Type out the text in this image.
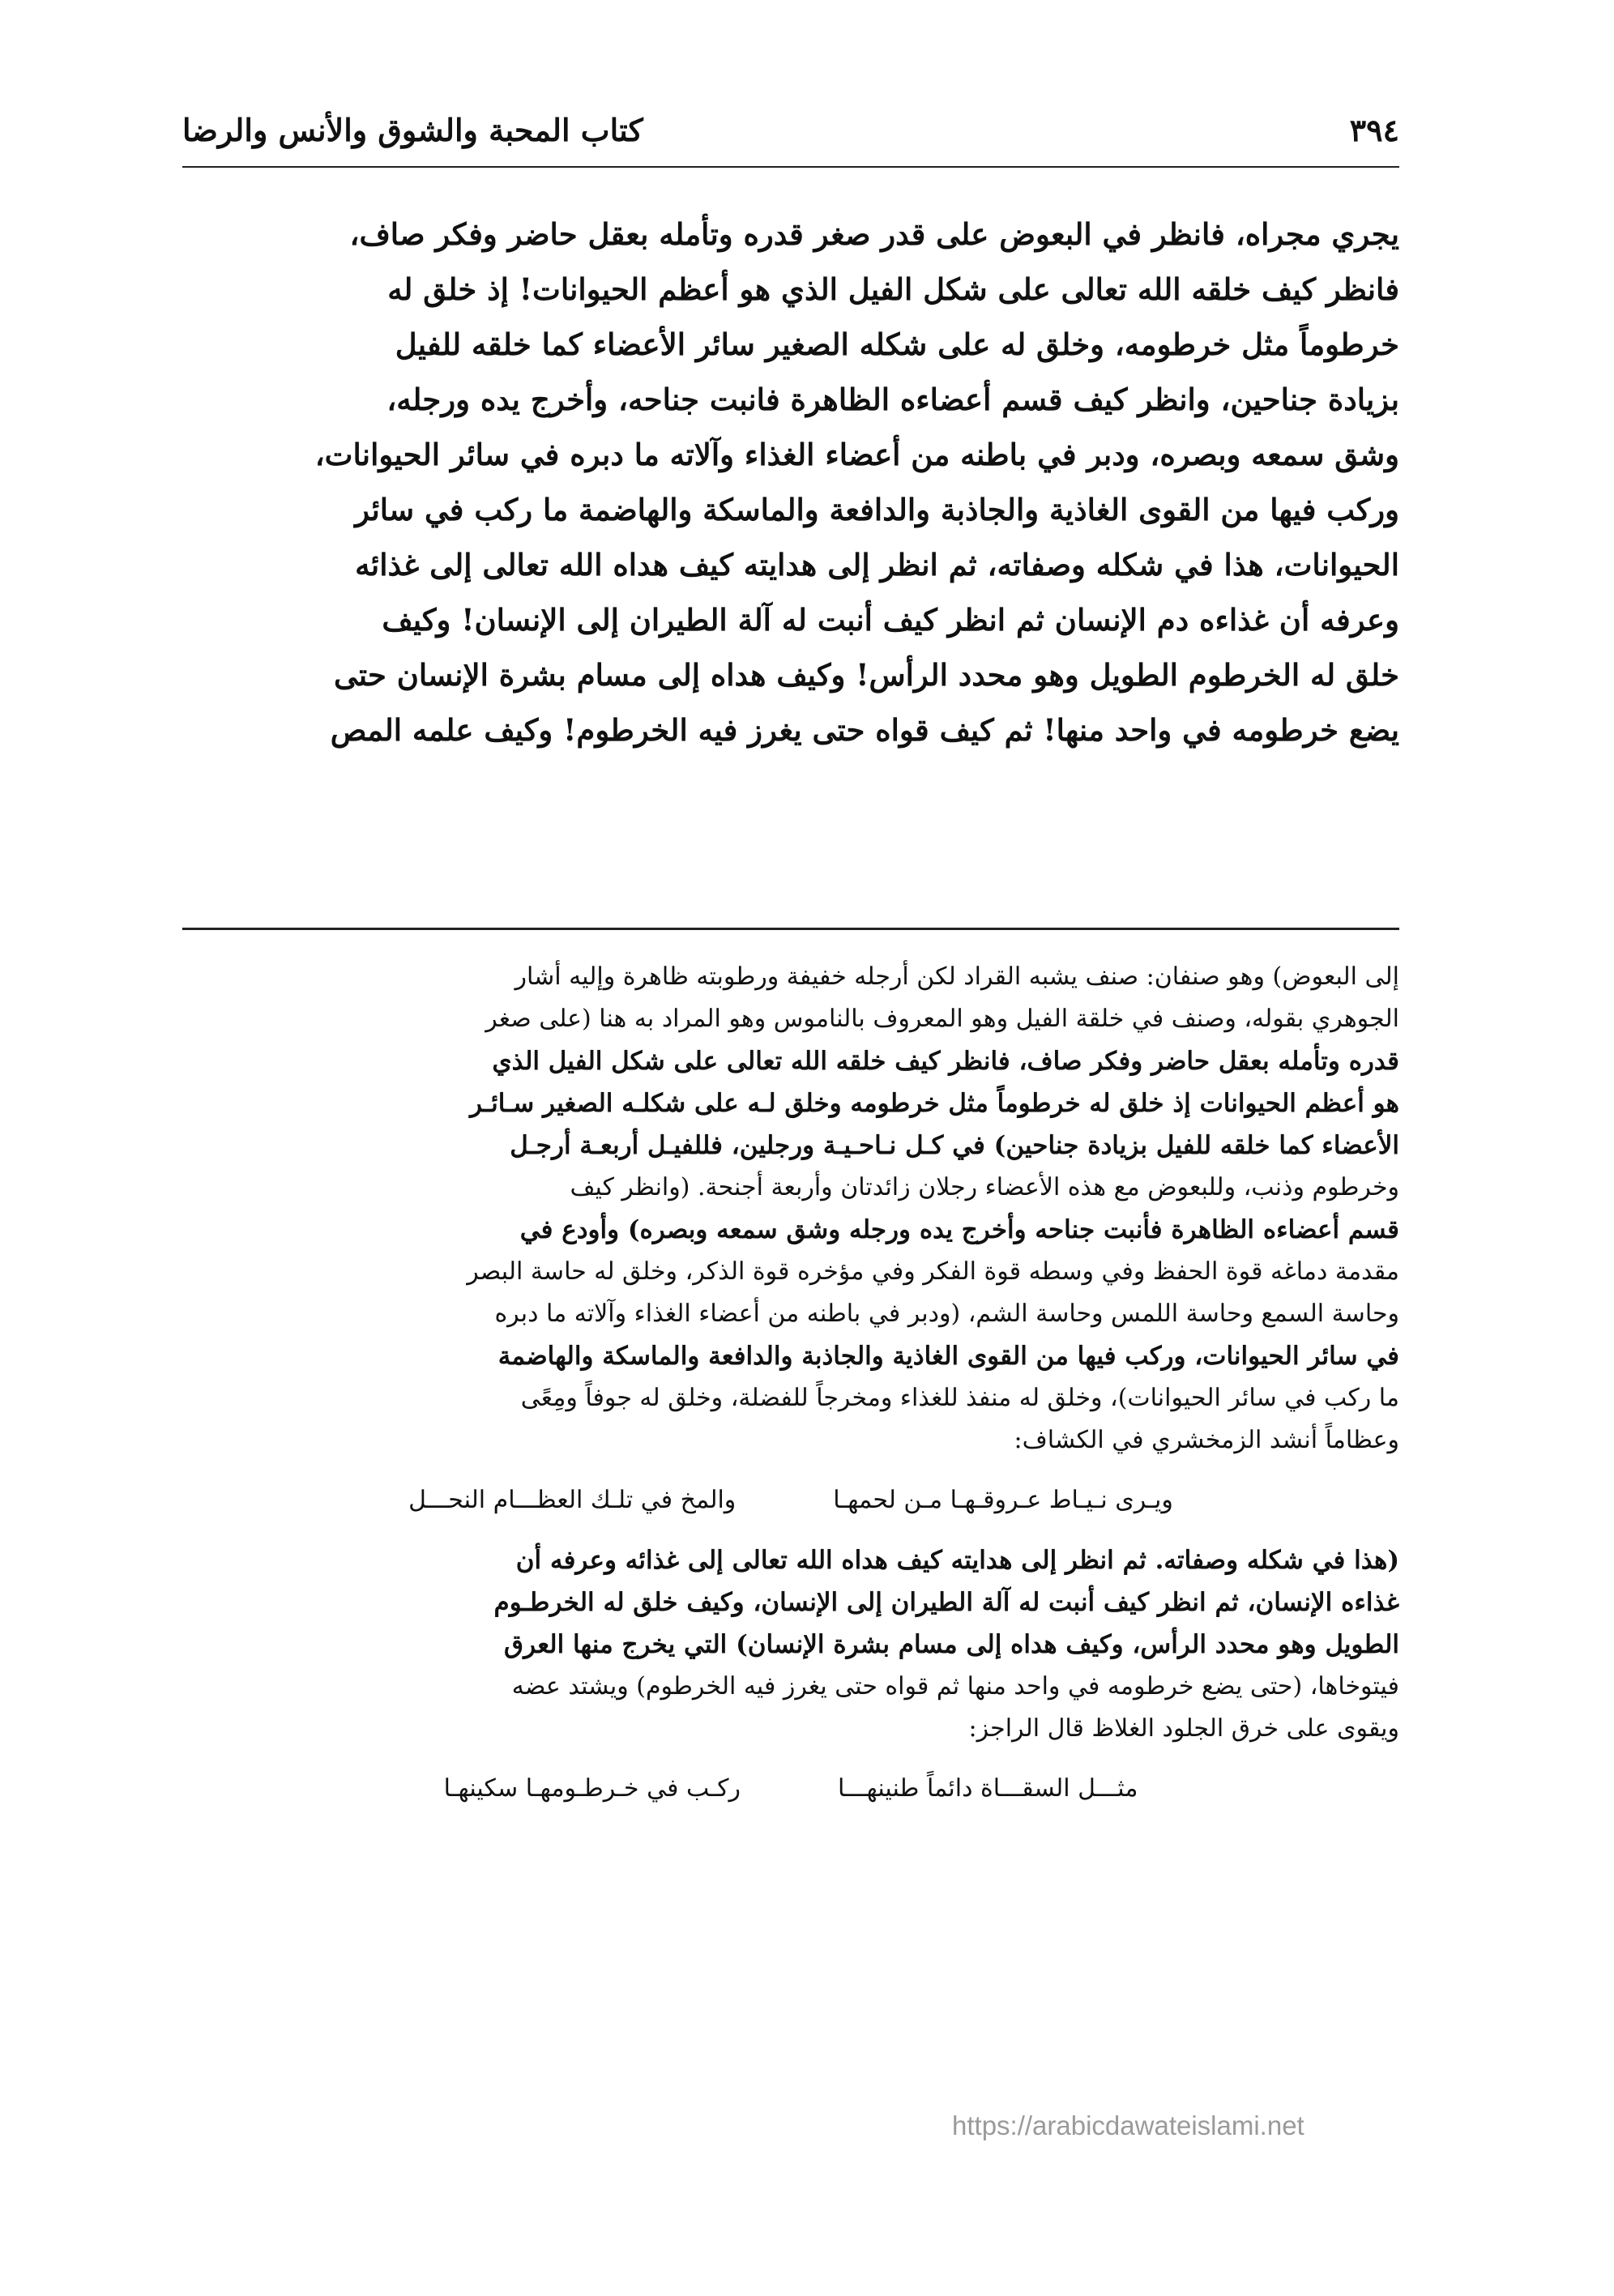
٣٩٤
كتاب المحبة والشوق والأنس والرضا
يجري مجراه، فانظر في البعوض على قدر صغر قدره وتأمله بعقل حاضر وفكر صاف،
فانظر كيف خلقه الله تعالى على شكل الفيل الذي هو أعظم الحيوانات! إذ خلق له
خرطوماً مثل خرطومه، وخلق له على شكله الصغير سائر الأعضاء كما خلقه للفيل
بزيادة جناحين، وانظر كيف قسم أعضاءه الظاهرة فانبت جناحه، وأخرج يده ورجله،
وشق سمعه وبصره، ودبر في باطنه من أعضاء الغذاء وآلاته ما دبره في سائر الحيوانات،
وركب فيها من القوى الغاذية والجاذبة والدافعة والماسكة والهاضمة ما ركب في سائر
الحيوانات، هذا في شكله وصفاته، ثم انظر إلى هدايته كيف هداه الله تعالى إلى غذائه
وعرفه أن غذاءه دم الإنسان ثم انظر كيف أنبت له آلة الطيران إلى الإنسان! وكيف
خلق له الخرطوم الطويل وهو محدد الرأس! وكيف هداه إلى مسام بشرة الإنسان حتى
يضع خرطومه في واحد منها! ثم كيف قواه حتى يغرز فيه الخرطوم! وكيف علمه المص
إلى البعوض) وهو صنفان: صنف يشبه القراد لكن أرجله خفيفة ورطوبته ظاهرة وإليه أشار
الجوهري بقوله، وصنف في خلقة الفيل وهو المعروف بالناموس وهو المراد به هنا (على صغر
قدره وتأمله بعقل حاضر وفكر صاف، فانظر كيف خلقه الله تعالى على شكل الفيل الذي
هو أعظم الحيوانات إذ خلق له خرطوماً مثل خرطومه وخلق لـه على شكلـه الصغير سـائـر
الأعضاء كما خلقه للفيل بزيادة جناحين) في كـل نـاحـيـة ورجلين، فللفيـل أربعـة أرجـل
وخرطوم وذنب، وللبعوض مع هذه الأعضاء رجلان زائدتان وأربعة أجنحة. (وانظر كيف
قسم أعضاءه الظاهرة فأنبت جناحه وأخرج يده ورجله وشق سمعه وبصره) وأودع في
مقدمة دماغه قوة الحفظ وفي وسطه قوة الفكر وفي مؤخره قوة الذكر، وخلق له حاسة البصر
وحاسة السمع وحاسة اللمس وحاسة الشم، (ودبر في باطنه من أعضاء الغذاء وآلاته ما دبره
في سائر الحيوانات، وركب فيها من القوى الغاذية والجاذبة والدافعة والماسكة والهاضمة
ما ركب في سائر الحيوانات)، وخلق له منفذ للغذاء ومخرجاً للفضلة، وخلق له جوفاً ومِعًى
وعظاماً أنشد الزمخشري في الكشاف:
ويـرى نـيـاط عـروقـهـا مـن لحمهـا
والمخ في تلـك العظـــام النحـــل
(هذا في شكله وصفاته. ثم انظر إلى هدايته كيف هداه الله تعالى إلى غذائه وعرفه أن
غذاءه الإنسان، ثم انظر كيف أنبت له آلة الطيران إلى الإنسان، وكيف خلق له الخرطـوم
الطويل وهو محدد الرأس، وكيف هداه إلى مسام بشرة الإنسان) التي يخرج منها العرق
فيتوخاها، (حتى يضع خرطومه في واحد منها ثم قواه حتى يغرز فيه الخرطوم) ويشتد عضه
ويقوى على خرق الجلود الغلاظ قال الراجز:
مثـــل السقـــاة دائماً طنينهـــا
ركـب في خـرطـومهـا سكينهـا
https://arabicdawateislami.net
